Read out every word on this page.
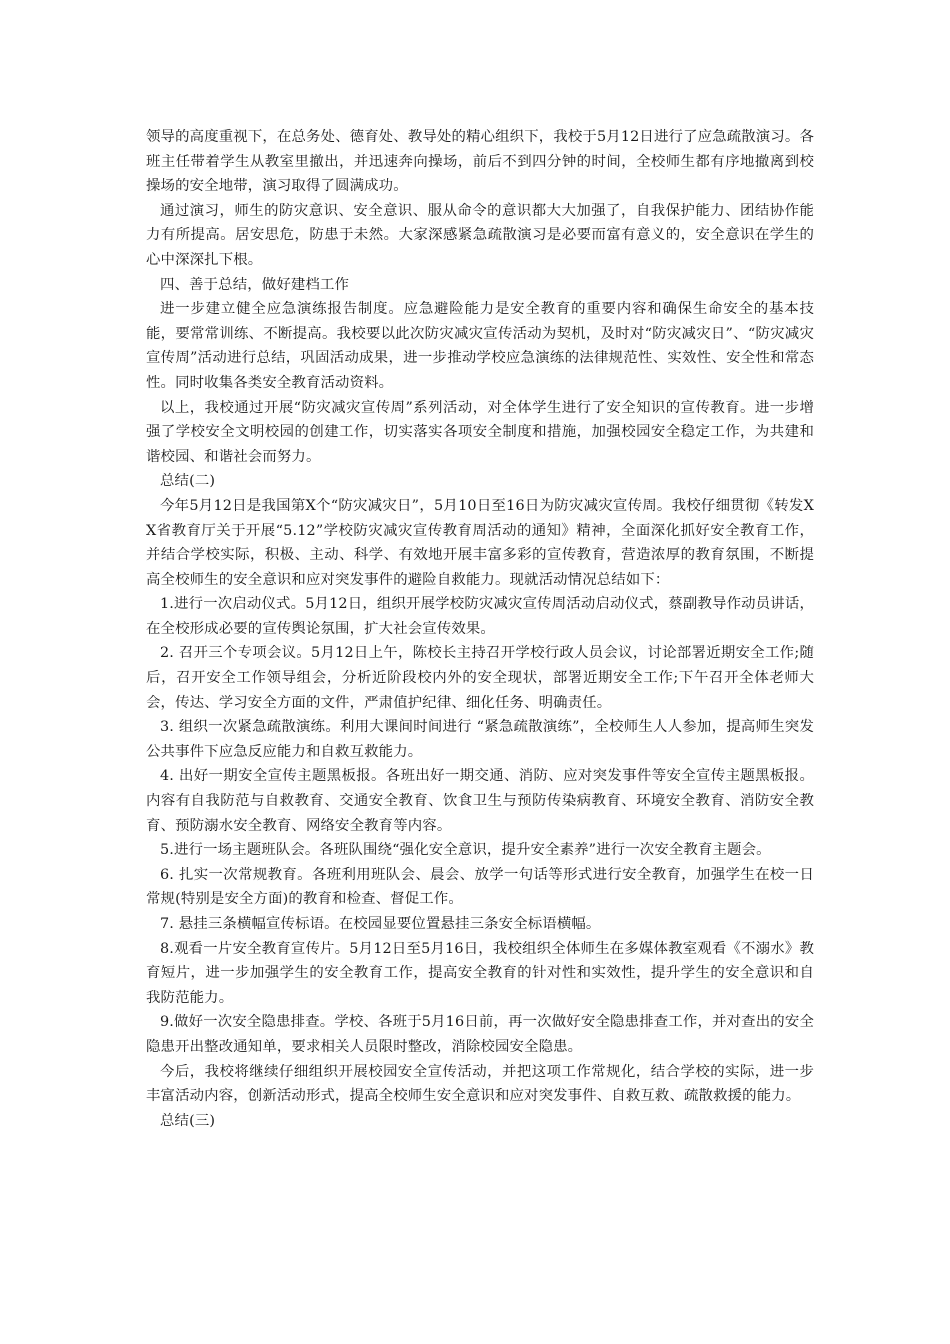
领导的高度重视下，在总务处、德育处、教导处的精心组织下，我校于5月12日进行了应急疏散演习。各班主任带着学生从教室里撤出，并迅速奔向操场，前后不到四分钟的时间，全校师生都有序地撤离到校操场的安全地带，演习取得了圆满成功。

通过演习，师生的防灾意识、安全意识、服从命令的意识都大大加强了，自我保护能力、团结协作能力有所提高。居安思危，防患于未然。大家深感紧急疏散演习是必要而富有意义的，安全意识在学生的心中深深扎下根。

四、善于总结，做好建档工作

进一步建立健全应急演练报告制度。应急避险能力是安全教育的重要内容和确保生命安全的基本技能，要常常训练、不断提高。我校要以此次防灾减灾宣传活动为契机，及时对“防灾减灾日”、“防灾减灾宣传周”活动进行总结，巩固活动成果，进一步推动学校应急演练的法律规范性、实效性、安全性和常态性。同时收集各类安全教育活动资料。

以上，我校通过开展“防灾减灾宣传周”系列活动，对全体学生进行了安全知识的宣传教育。进一步增强了学校安全文明校园的创建工作，切实落实各项安全制度和措施，加强校园安全稳定工作，为共建和谐校园、和谐社会而努力。

总结(二)

今年5月12日是我国第X个“防灾减灾日”，5月10日至16日为防灾减灾宣传周。我校仔细贯彻《转发XX省教育厅关于开展“5.12”学校防灾减灾宣传教育周活动的通知》精神，全面深化抓好安全教育工作，并结合学校实际，积极、主动、科学、有效地开展丰富多彩的宣传教育，营造浓厚的教育氛围，不断提高全校师生的安全意识和应对突发事件的避险自救能力。现就活动情况总结如下：

1.进行一次启动仪式。5月12日，组织开展学校防灾减灾宣传周活动启动仪式，蔡副教导作动员讲话，在全校形成必要的宣传舆论氛围，扩大社会宣传效果。

2. 召开三个专项会议。5月12日上午，陈校长主持召开学校行政人员会议，讨论部署近期安全工作;随后，召开安全工作领导组会，分析近阶段校内外的安全现状，部署近期安全工作;下午召开全体老师大会，传达、学习安全方面的文件，严肃值护纪律、细化任务、明确责任。

3. 组织一次紧急疏散演练。利用大课间时间进行 “紧急疏散演练”，全校师生人人参加，提高师生突发公共事件下应急反应能力和自救互救能力。

4. 出好一期安全宣传主题黑板报。各班出好一期交通、消防、应对突发事件等安全宣传主题黑板报。内容有自我防范与自救教育、交通安全教育、饮食卫生与预防传染病教育、环境安全教育、消防安全教育、预防溺水安全教育、网络安全教育等内容。

5.进行一场主题班队会。各班队围绕“强化安全意识，提升安全素养”进行一次安全教育主题会。

6. 扎实一次常规教育。各班利用班队会、晨会、放学一句话等形式进行安全教育，加强学生在校一日常规(特别是安全方面)的教育和检查、督促工作。

7. 悬挂三条横幅宣传标语。在校园显要位置悬挂三条安全标语横幅。

8.观看一片安全教育宣传片。5月12日至5月16日，我校组织全体师生在多媒体教室观看《不溺水》教育短片，进一步加强学生的安全教育工作，提高安全教育的针对性和实效性，提升学生的安全意识和自我防范能力。

9.做好一次安全隐患排查。学校、各班于5月16日前，再一次做好安全隐患排查工作，并对查出的安全隐患开出整改通知单，要求相关人员限时整改，消除校园安全隐患。

今后，我校将继续仔细组织开展校园安全宣传活动，并把这项工作常规化，结合学校的实际，进一步丰富活动内容，创新活动形式，提高全校师生安全意识和应对突发事件、自救互救、疏散救援的能力。

总结(三)
